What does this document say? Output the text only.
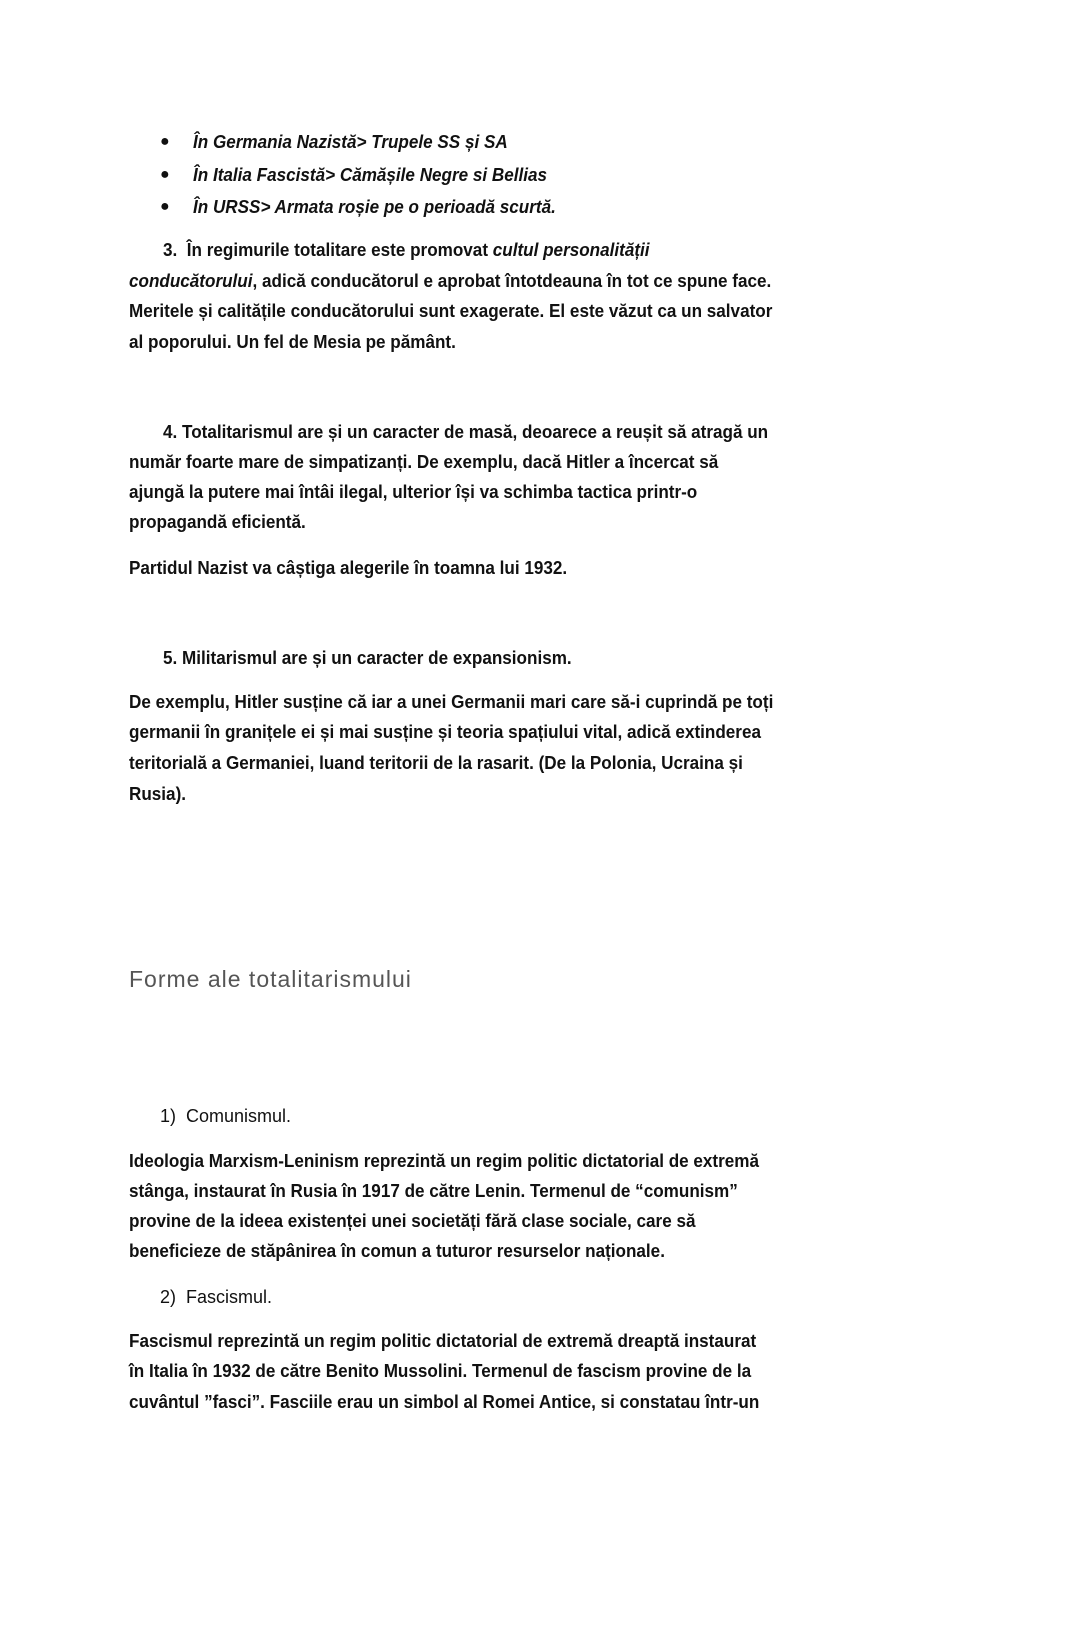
● În Germania Nazistă> Trupele SS și SA
● În Italia Fascistă> Cămășile Negre si Bellias
● În URSS> Armata roșie pe o perioadă scurtă.
3. În regimurile totalitare este promovat cultul personalității
conducătorului, adică conducătorul e aprobat întotdeauna în tot ce spune face.
Meritele și calitățile conducătorului sunt exagerate. El este văzut ca un salvator
al poporului. Un fel de Mesia pe pământ.
4. Totalitarismul are și un caracter de masă, deoarece a reușit să atragă un
număr foarte mare de simpatizanți. De exemplu, dacă Hitler a încercat să
ajungă la putere mai întâi ilegal, ulterior își va schimba tactica printr-o
propagandă eficientă.
Partidul Nazist va câștiga alegerile în toamna lui 1932.
5. Militarismul are și un caracter de expansionism.
De exemplu, Hitler susține că iar a unei Germanii mari care să-i cuprindă pe toți
germanii în granițele ei și mai susține și teoria spațiului vital, adică extinderea
teritorială a Germaniei, luand teritorii de la rasarit. (De la Polonia, Ucraina și
Rusia).
Forme ale totalitarismului
1) Comunismul.
Ideologia Marxism-Leninism reprezintă un regim politic dictatorial de extremă
stânga, instaurat în Rusia în 1917 de către Lenin. Termenul de “comunism”
provine de la ideea existenței unei societăți fără clase sociale, care să
beneficieze de stăpânirea în comun a tuturor resurselor naționale.
2) Fascismul.
Fascismul reprezintă un regim politic dictatorial de extremă dreaptă instaurat
în Italia în 1932 de către Benito Mussolini. Termenul de fascism provine de la
cuvântul ”fasci”. Fasciile erau un simbol al Romei Antice, si constatau într-un
